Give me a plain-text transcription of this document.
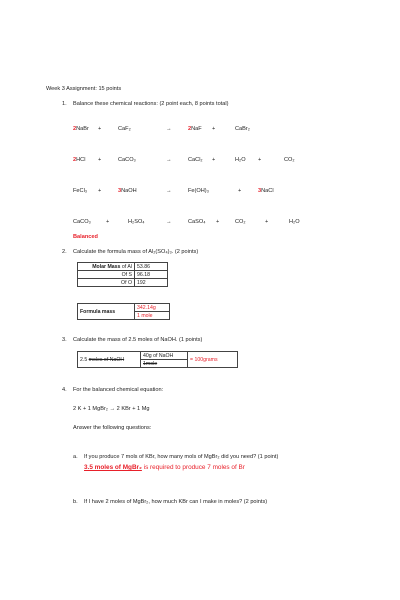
Week 3 Assignment: 15 points
1. Balance these chemical reactions: (2 point each, 8 points total)
2NaBr +	CaF₂	→	2NaF +	CaBr₂
2HCl +	CaCO₃	→	CaCl₂ +	H₂O +	CO₂
FeCl₃ +	3NaOH	→	Fe(OH)₃	+	3NaCl
CaCO₃	+	H₂SO₄	→	CaSO₄ +	CO₂	+	H₂O
Balanced
2. Calculate the formula mass of Al₂(SO₄)₃. (2 points)
Molar Mass of Al	53.86
Of S	96.18
Of O	192
Formula mass	342.14g
1 mole
3. Calculate the mass of 2.5 moles of NaOH. (1 points)
2.5 moles of NaOH	40g of NaOH	= 100grams
1mole
4. For the balanced chemical equation:
2 K + 1 MgBr₂ → 2 KBr + 1 Mg
Answer the following questions:
a. If you produce 7 mols of KBr, how many mols of MgBr₂ did you need? (1 point)
3.5 moles of MgBr₂ is required to produce 7 moles of Br
b. If I have 2 moles of MgBr₂, how much KBr can I make in moles? (2 points)
